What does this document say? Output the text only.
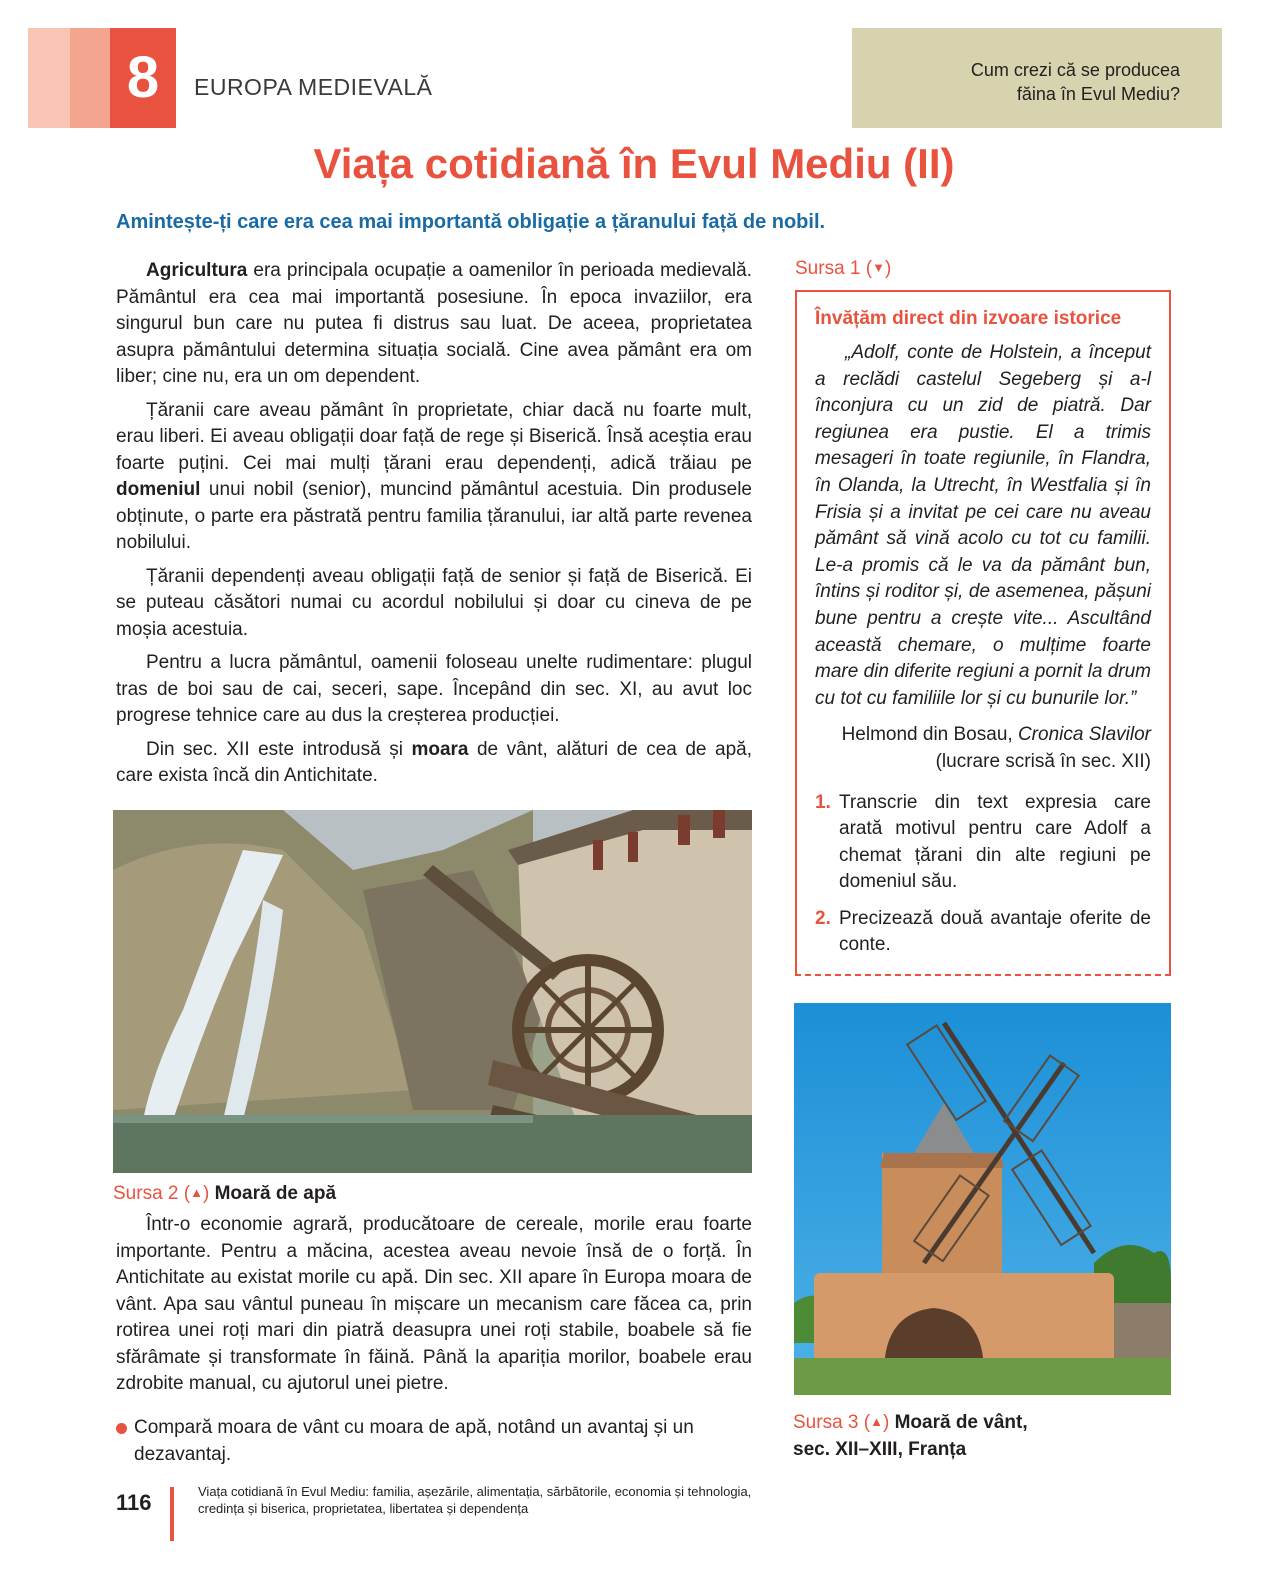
8	EUROPA MEDIEVALĂ
Cum crezi că se producea
făina în Evul Mediu?
Viața cotidiană în Evul Mediu (II)
Amintește-ți care era cea mai importantă obligație a țăranului față de nobil.

Agricultura era principala ocupație a oamenilor în perioada medievală. Pământul era cea mai importantă posesiune. În epoca invaziilor, era singurul bun care nu putea fi distrus sau luat. De aceea, proprietatea asupra pământului determina situația socială. Cine avea pământ era om liber; cine nu, era un om dependent.

Țăranii care aveau pământ în proprietate, chiar dacă nu foarte mult, erau liberi. Ei aveau obligații doar față de rege și Biserică. Însă aceștia erau foarte puțini. Cei mai mulți țărani erau dependenți, adică trăiau pe domeniul unui nobil (senior), muncind pământul acestuia. Din produsele obținute, o parte era păstrată pentru familia țăranului, iar altă parte revenea nobilului.

Țăranii dependenți aveau obligații față de senior și față de Biserică. Ei se puteau căsători numai cu acordul nobilului și doar cu cineva de pe moșia acestuia.

Pentru a lucra pământul, oamenii foloseau unelte rudimentare: plugul tras de boi sau de cai, seceri, sape. Începând din sec. XI, au avut loc progrese tehnice care au dus la creșterea producției.

Din sec. XII este introdusă și moara de vânt, alături de cea de apă, care exista încă din Antichitate.

Sursa 2 (▲) Moară de apă

Într-o economie agrară, producătoare de cereale, morile erau foarte importante. Pentru a măcina, acestea aveau nevoie însă de o forță. În Antichitate au existat morile cu apă. Din sec. XII apare în Europa moara de vânt. Apa sau vântul puneau în mișcare un mecanism care făcea ca, prin rotirea unei roți mari din piatră deasupra unei roți stabile, boabele să fie sfărâmate și transformate în făină. Până la apariția morilor, boabele erau zdrobite manual, cu ajutorul unei pietre.

Compară moara de vânt cu moara de apă, notând un avantaj și un dezavantaj.
Sursa 1 (▼)
Învățăm direct din izvoare istorice

„Adolf, conte de Holstein, a început a reclădi castelul Segeberg și a-l înconjura cu un zid de piatră. Dar regiunea era pustie. El a trimis mesageri în toate regiunile, în Flandra, în Olanda, la Utrecht, în Westfalia și în Frisia și a invitat pe cei care nu aveau pământ să vină acolo cu tot cu familii. Le-a promis că le va da pământ bun, întins și roditor și, de asemenea, pășuni bune pentru a crește vite... Ascultând această chemare, o mulțime foarte mare din diferite regiuni a pornit la drum cu tot cu familiile lor și cu bunurile lor.”

Helmond din Bosau, Cronica Slavilor (lucrare scrisă în sec. XII)
1. Transcrie din text expresia care arată motivul pentru care Adolf a chemat țărani din alte regiuni pe domeniul său.
2. Precizează două avantaje oferite de conte.
Sursa 3 (▲) Moară de vânt,
sec. XII–XIII, Franța
116	Viața cotidiană în Evul Mediu: familia, așezările, alimentația, sărbătorile, economia și tehnologia, credința și biserica, proprietatea, libertatea și dependența
